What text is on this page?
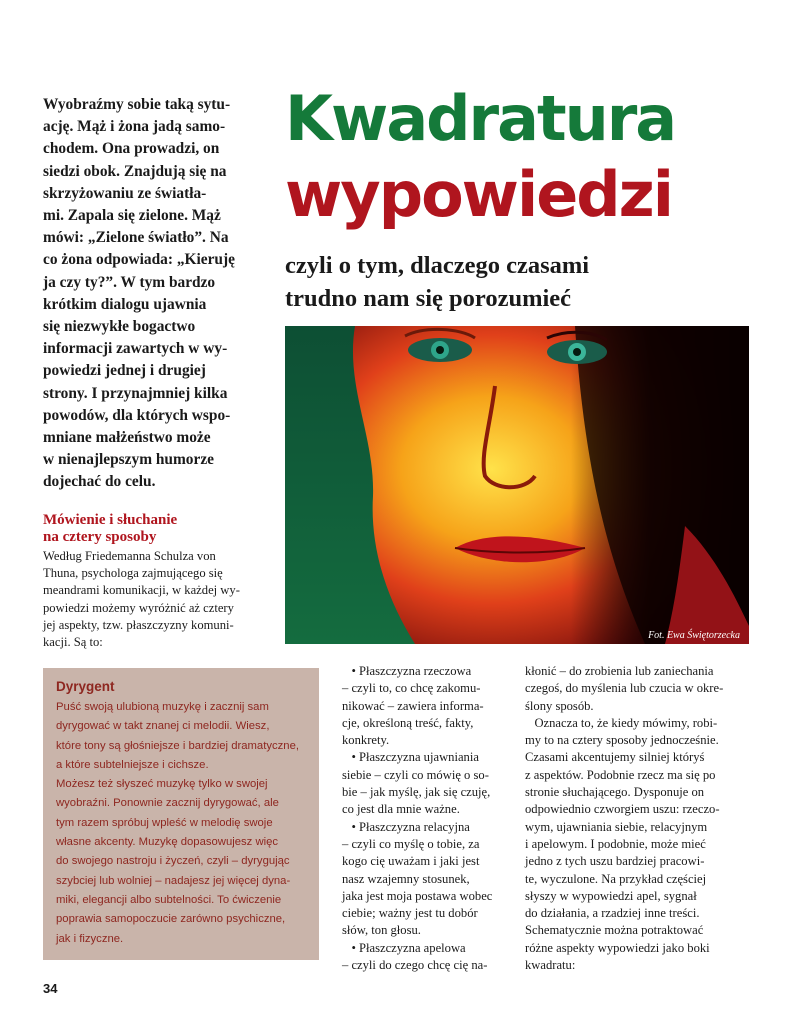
Wyobraźmy sobie taką sytu-
ację. Mąż i żona jadą samo-
chodem. Ona prowadzi, on
siedzi obok. Znajdują się na
skrzyżowaniu ze światła-
mi. Zapala się zielone. Mąż
mówi: „Zielone światło”. Na
co żona odpowiada: „Kieruję
ja czy ty?”. W tym bardzo
krótkim dialogu ujawnia
się niezwykłe bogactwo
informacji zawartych w wy-
powiedzi jednej i drugiej
strony. I przynajmniej kilka
powodów, dla których wspo-
mniane małżeństwo może
w nienajlepszym humorze
dojechać do celu.
Kwadratura
wypowiedzi
czyli o tym, dlaczego czasami
trudno nam się porozumieć
Fot. Ewa Świętorzecka
Mówienie i słuchanie
na cztery sposoby
Według Friedemanna Schulza von
Thuna, psychologa zajmującego się
meandrami komunikacji, w każdej wy-
powiedzi możemy wyróżnić aż cztery
jej aspekty, tzw. płaszczyzny komuni-
kacji. Są to:
Dyrygent
Puść swoją ulubioną muzykę i zacznij sam
dyrygować w takt znanej ci melodii. Wiesz,
które tony są głośniejsze i bardziej dramatyczne,
a które subtelniejsze i cichsze.
Możesz też słyszeć muzykę tylko w swojej
wyobraźni. Ponownie zacznij dyrygować, ale
tym razem spróbuj wpleść w melodię swoje
własne akcenty. Muzykę dopasowujesz więc
do swojego nastroju i życzeń, czyli – dyrygując
szybciej lub wolniej – nadajesz jej więcej dyna-
miki, elegancji albo subtelności. To ćwiczenie
poprawia samopoczucie zarówno psychiczne,
jak i fizyczne.
• Płaszczyzna rzeczowa
– czyli to, co chcę zakomu-
nikować – zawiera informa-
cje, określoną treść, fakty,
konkrety.
• Płaszczyzna ujawniania
siebie – czyli co mówię o so-
bie – jak myślę, jak się czuję,
co jest dla mnie ważne.
• Płaszczyzna relacyjna
– czyli co myślę o tobie, za
kogo cię uważam i jaki jest
nasz wzajemny stosunek,
jaka jest moja postawa wobec
ciebie; ważny jest tu dobór
słów, ton głosu.
• Płaszczyzna apelowa
– czyli do czego chcę cię na-
kłonić – do zrobienia lub zaniechania
czegoś, do myślenia lub czucia w okre-
ślony sposób.
Oznacza to, że kiedy mówimy, robi-
my to na cztery sposoby jednocześnie.
Czasami akcentujemy silniej któryś
z aspektów. Podobnie rzecz ma się po
stronie słuchającego. Dysponuje on
odpowiednio czworgiem uszu: rzeczo-
wym, ujawniania siebie, relacyjnym
i apelowym. I podobnie, może mieć
jedno z tych uszu bardziej pracowi-
te, wyczulone. Na przykład częściej
słyszy w wypowiedzi apel, sygnał
do działania, a rzadziej inne treści.
Schematycznie można potraktować
różne aspekty wypowiedzi jako boki
kwadratu:
34
